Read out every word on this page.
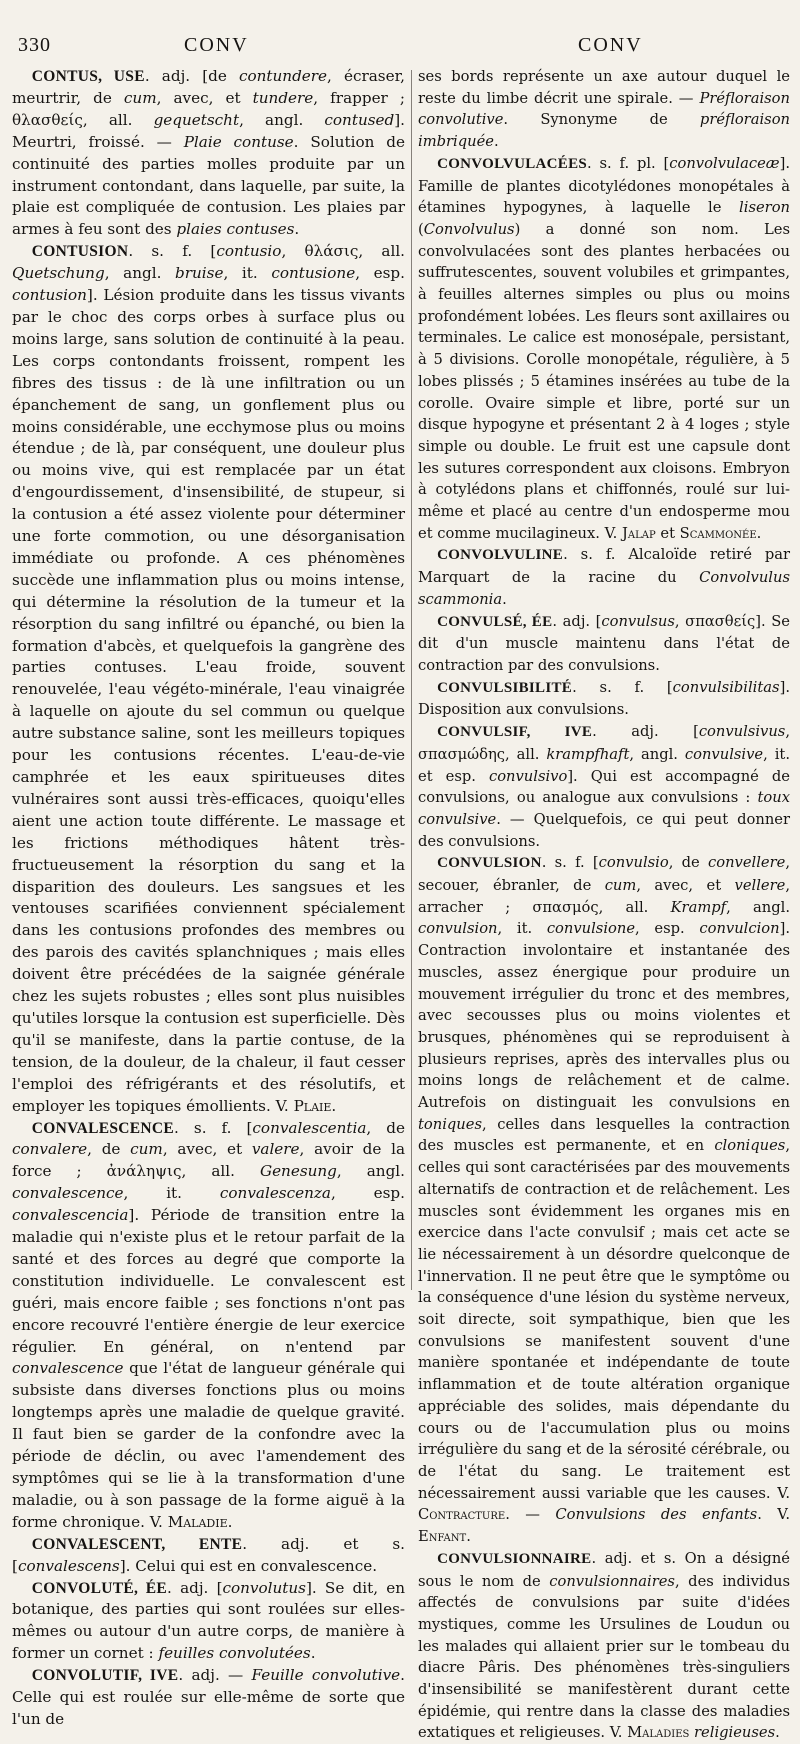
330	CONV	CONV

CONTUS, USE. adj. [de contundere, écraser, meurtrir, de cum, avec, et tundere, frapper ; θλασθείς, all. gequetscht, angl. contused]. Meurtri, froissé. — Plaie contuse. Solution de continuité des parties molles produite par un instrument contondant, dans laquelle, par suite, la plaie est compliquée de contusion. Les plaies par armes à feu sont des plaies contuses.

CONTUSION. s. f. [contusio, θλάσις, all. Quetschung, angl. bruise, it. contusione, esp. contusion]. Lésion produite dans les tissus vivants par le choc des corps orbes à surface plus ou moins large, sans solution de continuité à la peau. Les corps contondants froissent, rompent les fibres des tissus : de là une infiltration ou un épanchement de sang, un gonflement plus ou moins considérable, une ecchymose plus ou moins étendue ; de là, par conséquent, une douleur plus ou moins vive, qui est remplacée par un état d'engourdissement, d'insensibilité, de stupeur, si la contusion a été assez violente pour déterminer une forte commotion, ou une désorganisation immédiate ou profonde. A ces phénomènes succède une inflammation plus ou moins intense, qui détermine la résolution de la tumeur et la résorption du sang infiltré ou épanché, ou bien la formation d'abcès, et quelquefois la gangrène des parties contuses. L'eau froide, souvent renouvelée, l'eau végéto-minérale, l'eau vinaigrée à laquelle on ajoute du sel commun ou quelque autre substance saline, sont les meilleurs topiques pour les contusions récentes. L'eau-de-vie camphrée et les eaux spiritueuses dites vulnéraires sont aussi très-efficaces, quoiqu'elles aient une action toute différente. Le massage et les frictions méthodiques hâtent très-fructueusement la résorption du sang et la disparition des douleurs. Les sangsues et les ventouses scarifiées conviennent spécialement dans les contusions profondes des membres ou des parois des cavités splanchniques ; mais elles doivent être précédées de la saignée générale chez les sujets robustes ; elles sont plus nuisibles qu'utiles lorsque la contusion est superficielle. Dès qu'il se manifeste, dans la partie contuse, de la tension, de la douleur, de la chaleur, il faut cesser l'emploi des réfrigérants et des résolutifs, et employer les topiques émollients. V. Plaie.

CONVALESCENCE. s. f. [convalescentia, de convalere, de cum, avec, et valere, avoir de la force ; ἀνάληψις, all. Genesung, angl. convalescence, it. convalescenza, esp. convalescencia]. Période de transition entre la maladie qui n'existe plus et le retour parfait de la santé et des forces au degré que comporte la constitution individuelle. Le convalescent est guéri, mais encore faible ; ses fonctions n'ont pas encore recouvré l'entière énergie de leur exercice régulier. En général, on n'entend par convalescence que l'état de langueur générale qui subsiste dans diverses fonctions plus ou moins longtemps après une maladie de quelque gravité. Il faut bien se garder de la confondre avec la période de déclin, ou avec l'amendement des symptômes qui se lie à la transformation d'une maladie, ou à son passage de la forme aiguë à la forme chronique. V. Maladie.

CONVALESCENT, ENTE. adj. et s. [convalescens]. Celui qui est en convalescence.

CONVOLUTÉ, ÉE. adj. [convolutus]. Se dit, en botanique, des parties qui sont roulées sur elles-mêmes ou autour d'un autre corps, de manière à former un cornet : feuilles convolutées.

CONVOLUTIF, IVE. adj. — Feuille convolutive. Celle qui est roulée sur elle-même de sorte que l'un de

ses bords représente un axe autour duquel le reste du limbe décrit une spirale. — Préfloraison convolutive. Synonyme de préfloraison imbriquée.

CONVOLVULACÉES. s. f. pl. [convolvulaceæ]. Famille de plantes dicotylédones monopétales à étamines hypogynes, à laquelle le liseron (Convolvulus) a donné son nom. Les convolvulacées sont des plantes herbacées ou suffrutescentes, souvent volubiles et grimpantes, à feuilles alternes simples ou plus ou moins profondément lobées. Les fleurs sont axillaires ou terminales. Le calice est monosépale, persistant, à 5 divisions. Corolle monopétale, régulière, à 5 lobes plissés ; 5 étamines insérées au tube de la corolle. Ovaire simple et libre, porté sur un disque hypogyne et présentant 2 à 4 loges ; style simple ou double. Le fruit est une capsule dont les sutures correspondent aux cloisons. Embryon à cotylédons plans et chiffonnés, roulé sur lui-même et placé au centre d'un endosperme mou et comme mucilagineux. V. Jalap et Scammonée.

CONVOLVULINE. s. f. Alcaloïde retiré par Marquart de la racine du Convolvulus scammonia.

CONVULSÉ, ÉE. adj. [convulsus, σπασθείς]. Se dit d'un muscle maintenu dans l'état de contraction par des convulsions.

CONVULSIBILITÉ. s. f. [convulsibilitas]. Disposition aux convulsions.

CONVULSIF, IVE. adj. [convulsivus, σπασμώδης, all. krampfhaft, angl. convulsive, it. et esp. convulsivo]. Qui est accompagné de convulsions, ou analogue aux convulsions : toux convulsive. — Quelquefois, ce qui peut donner des convulsions.

CONVULSION. s. f. [convulsio, de convellere, secouer, ébranler, de cum, avec, et vellere, arracher ; σπασμός, all. Krampf, angl. convulsion, it. convulsione, esp. convulcion]. Contraction involontaire et instantanée des muscles, assez énergique pour produire un mouvement irrégulier du tronc et des membres, avec secousses plus ou moins violentes et brusques, phénomènes qui se reproduisent à plusieurs reprises, après des intervalles plus ou moins longs de relâchement et de calme. Autrefois on distinguait les convulsions en toniques, celles dans lesquelles la contraction des muscles est permanente, et en cloniques, celles qui sont caractérisées par des mouvements alternatifs de contraction et de relâchement. Les muscles sont évidemment les organes mis en exercice dans l'acte convulsif ; mais cet acte se lie nécessairement à un désordre quelconque de l'innervation. Il ne peut être que le symptôme ou la conséquence d'une lésion du système nerveux, soit directe, soit sympathique, bien que les convulsions se manifestent souvent d'une manière spontanée et indépendante de toute inflammation et de toute altération organique appréciable des solides, mais dépendante du cours ou de l'accumulation plus ou moins irrégulière du sang et de la sérosité cérébrale, ou de l'état du sang. Le traitement est nécessairement aussi variable que les causes. V. Contracture. — Convulsions des enfants. V. Enfant.

CONVULSIONNAIRE. adj. et s. On a désigné sous le nom de convulsionnaires, des individus affectés de convulsions par suite d'idées mystiques, comme les Ursulines de Loudun ou les malades qui allaient prier sur le tombeau du diacre Pâris. Des phénomènes très-singuliers d'insensibilité se manifestèrent durant cette épidémie, qui rentre dans la classe des maladies extatiques et religieuses. V. Maladies religieuses.
